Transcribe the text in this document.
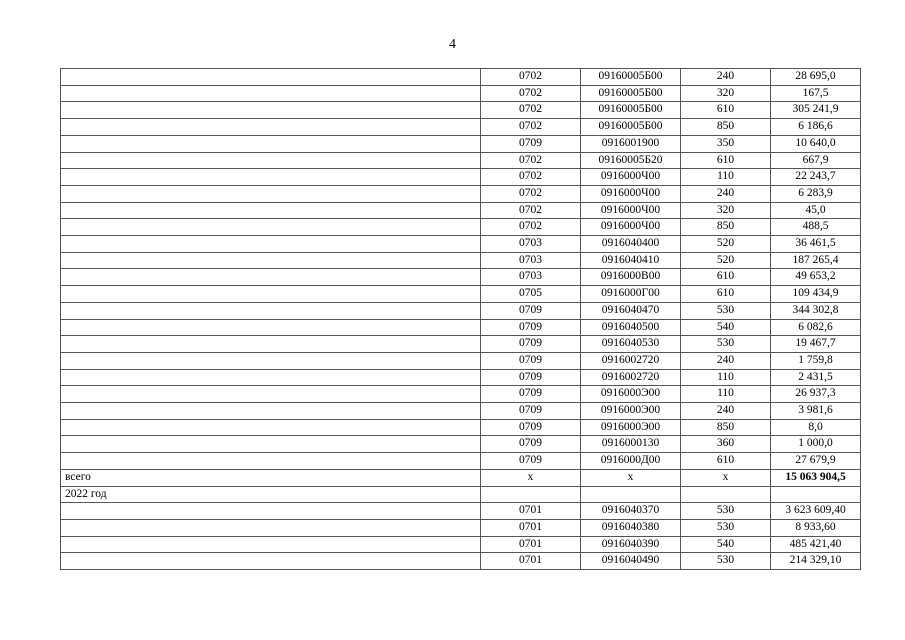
4
	0702	09160005Б00	240	28 695,0
	0702	09160005Б00	320	167,5
	0702	09160005Б00	610	305 241,9
	0702	09160005Б00	850	6 186,6
	0709	0916001900	350	10 640,0
	0702	09160005Б20	610	667,9
	0702	0916000Ч00	110	22 243,7
	0702	0916000Ч00	240	6 283,9
	0702	0916000Ч00	320	45,0
	0702	0916000Ч00	850	488,5
	0703	0916040400	520	36 461,5
	0703	0916040410	520	187 265,4
	0703	0916000В00	610	49 653,2
	0705	0916000Г00	610	109 434,9
	0709	0916040470	530	344 302,8
	0709	0916040500	540	6 082,6
	0709	0916040530	530	19 467,7
	0709	0916002720	240	1 759,8
	0709	0916002720	110	2 431,5
	0709	0916000Э00	110	26 937,3
	0709	0916000Э00	240	3 981,6
	0709	0916000Э00	850	8,0
	0709	0916000130	360	1 000,0
	0709	0916000Д00	610	27 679,9
всего	х	х	х	15 063 904,5
2022 год				
	0701	0916040370	530	3 623 609,40
	0701	0916040380	530	8 933,60
	0701	0916040390	540	485 421,40
	0701	0916040490	530	214 329,10
